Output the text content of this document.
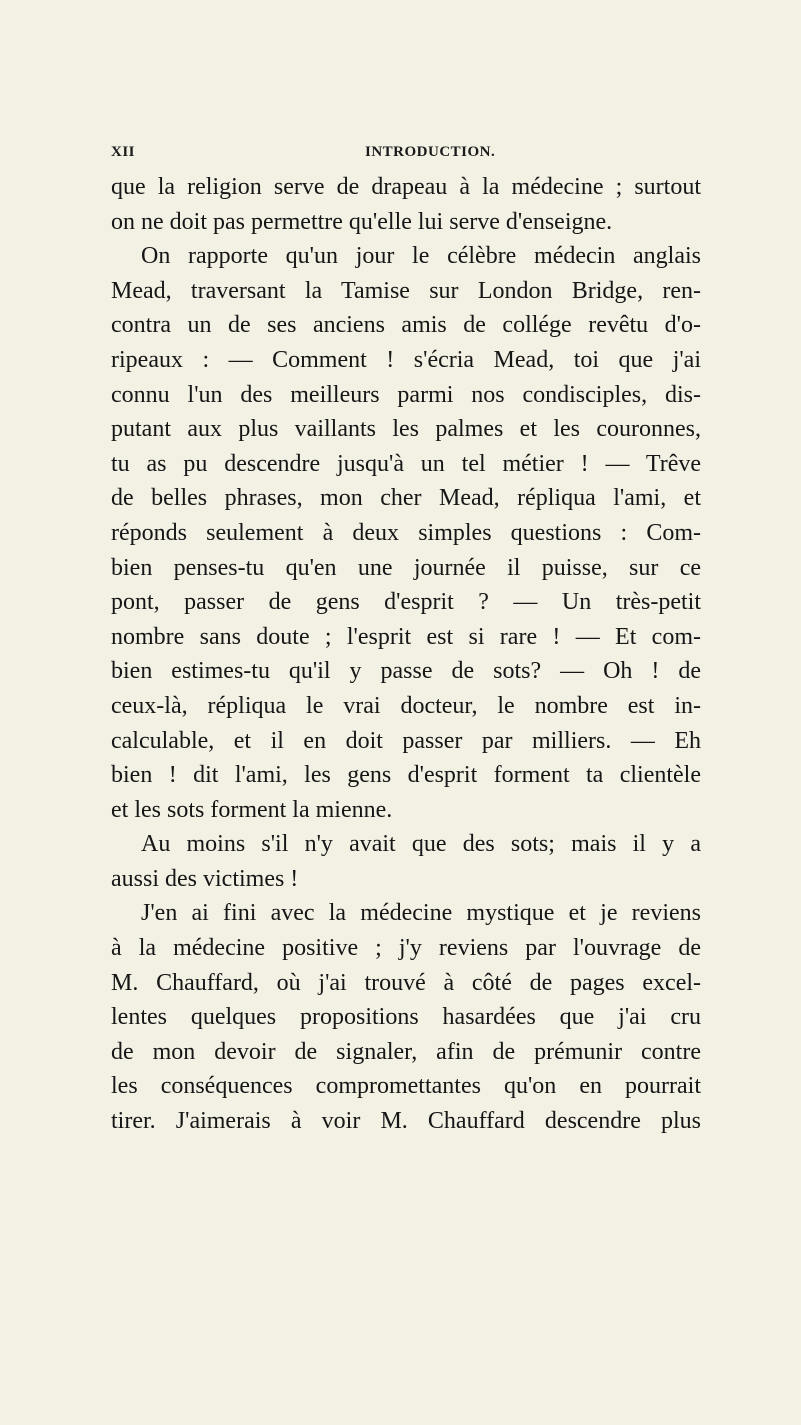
XII	INTRODUCTION.
que la religion serve de drapeau à la médecine ; surtout
on ne doit pas permettre qu'elle lui serve d'enseigne.
On rapporte qu'un jour le célèbre médecin anglais
Mead, traversant la Tamise sur London Bridge, ren-
contra un de ses anciens amis de collége revêtu d'o-
ripeaux : — Comment ! s'écria Mead, toi que j'ai
connu l'un des meilleurs parmi nos condisciples, dis-
putant aux plus vaillants les palmes et les couronnes,
tu as pu descendre jusqu'à un tel métier ! — Trêve
de belles phrases, mon cher Mead, répliqua l'ami, et
réponds seulement à deux simples questions : Com-
bien penses-tu qu'en une journée il puisse, sur ce
pont, passer de gens d'esprit ? — Un très-petit
nombre sans doute ; l'esprit est si rare ! — Et com-
bien estimes-tu qu'il y passe de sots? — Oh ! de
ceux-là, répliqua le vrai docteur, le nombre est in-
calculable, et il en doit passer par milliers. — Eh
bien ! dit l'ami, les gens d'esprit forment ta clientèle
et les sots forment la mienne.
Au moins s'il n'y avait que des sots; mais il y a
aussi des victimes !
J'en ai fini avec la médecine mystique et je reviens
à la médecine positive ; j'y reviens par l'ouvrage de
M. Chauffard, où j'ai trouvé à côté de pages excel-
lentes quelques propositions hasardées que j'ai cru
de mon devoir de signaler, afin de prémunir contre
les conséquences compromettantes qu'on en pourrait
tirer. J'aimerais à voir M. Chauffard descendre plus
